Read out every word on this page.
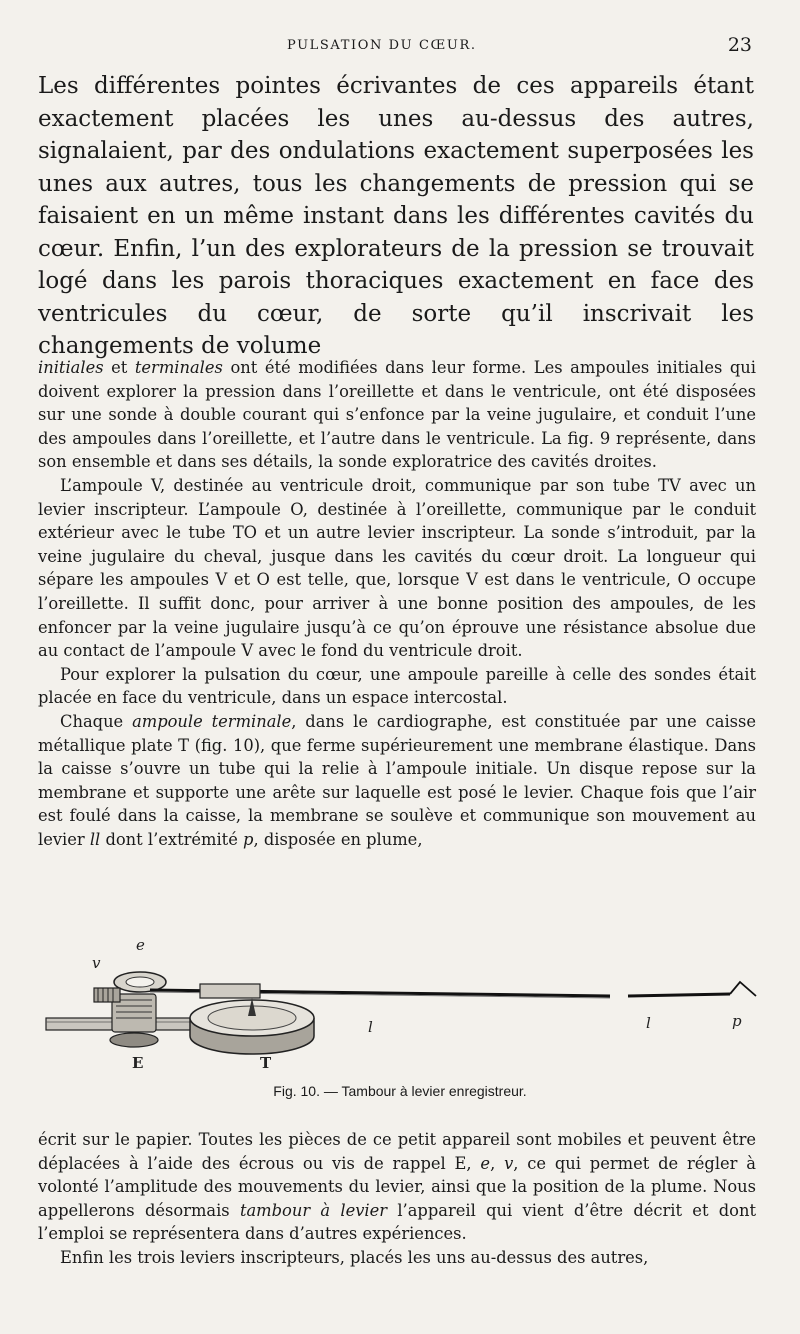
PULSATION DU CŒUR.	23

Les différentes pointes écrivantes de ces appareils étant exactement placées les unes au-dessus des autres, signalaient, par des ondulations exactement superposées les unes aux autres, tous les changements de pression qui se faisaient en un même instant dans les différentes cavités du cœur. Enfin, l’un des explorateurs de la pression se trouvait logé dans les parois thoraciques exactement en face des ventricules du cœur, de sorte qu’il inscrivait les changements de volume

initiales et terminales ont été modifiées dans leur forme. Les ampoules initiales qui doivent explorer la pression dans l’oreillette et dans le ventricule, ont été disposées sur une sonde à double courant qui s’enfonce par la veine jugulaire, et conduit l’une des ampoules dans l’oreillette, et l’autre dans le ventricule. La fig. 9 représente, dans son ensemble et dans ses détails, la sonde exploratrice des cavités droites.

L’ampoule V, destinée au ventricule droit, communique par son tube TV avec un levier inscripteur. L’ampoule O, destinée à l’oreillette, communique par le conduit extérieur avec le tube TO et un autre levier inscripteur. La sonde s’introduit, par la veine jugulaire du cheval, jusque dans les cavités du cœur droit. La longueur qui sépare les ampoules V et O est telle, que, lorsque V est dans le ventricule, O occupe l’oreillette. Il suffit donc, pour arriver à une bonne position des ampoules, de les enfoncer par la veine jugulaire jusqu’à ce qu’on éprouve une résistance absolue due au contact de l’ampoule V avec le fond du ventricule droit.

Pour explorer la pulsation du cœur, une ampoule pareille à celle des sondes était placée en face du ventricule, dans un espace intercostal.

Chaque ampoule terminale, dans le cardiographe, est constituée par une caisse métallique plate T (fig. 10), que ferme supérieurement une membrane élastique. Dans la caisse s’ouvre un tube qui la relie à l’ampoule initiale. Un disque repose sur la membrane et supporte une arête sur laquelle est posé le levier. Chaque fois que l’air est foulé dans la caisse, la membrane se soulève et communique son mouvement au levier ll dont l’extrémité p, disposée en plume,

e
v
E	T
l	l	p
Fig. 10. — Tambour à levier enregistreur.

écrit sur le papier. Toutes les pièces de ce petit appareil sont mobiles et peuvent être déplacées à l’aide des écrous ou vis de rappel E, e, v, ce qui permet de régler à volonté l’amplitude des mouvements du levier, ainsi que la position de la plume. Nous appellerons désormais tambour à levier l’appareil qui vient d’être décrit et dont l’emploi se représentera dans d’autres expériences.

Enfin les trois leviers inscripteurs, placés les uns au-dessus des autres,
